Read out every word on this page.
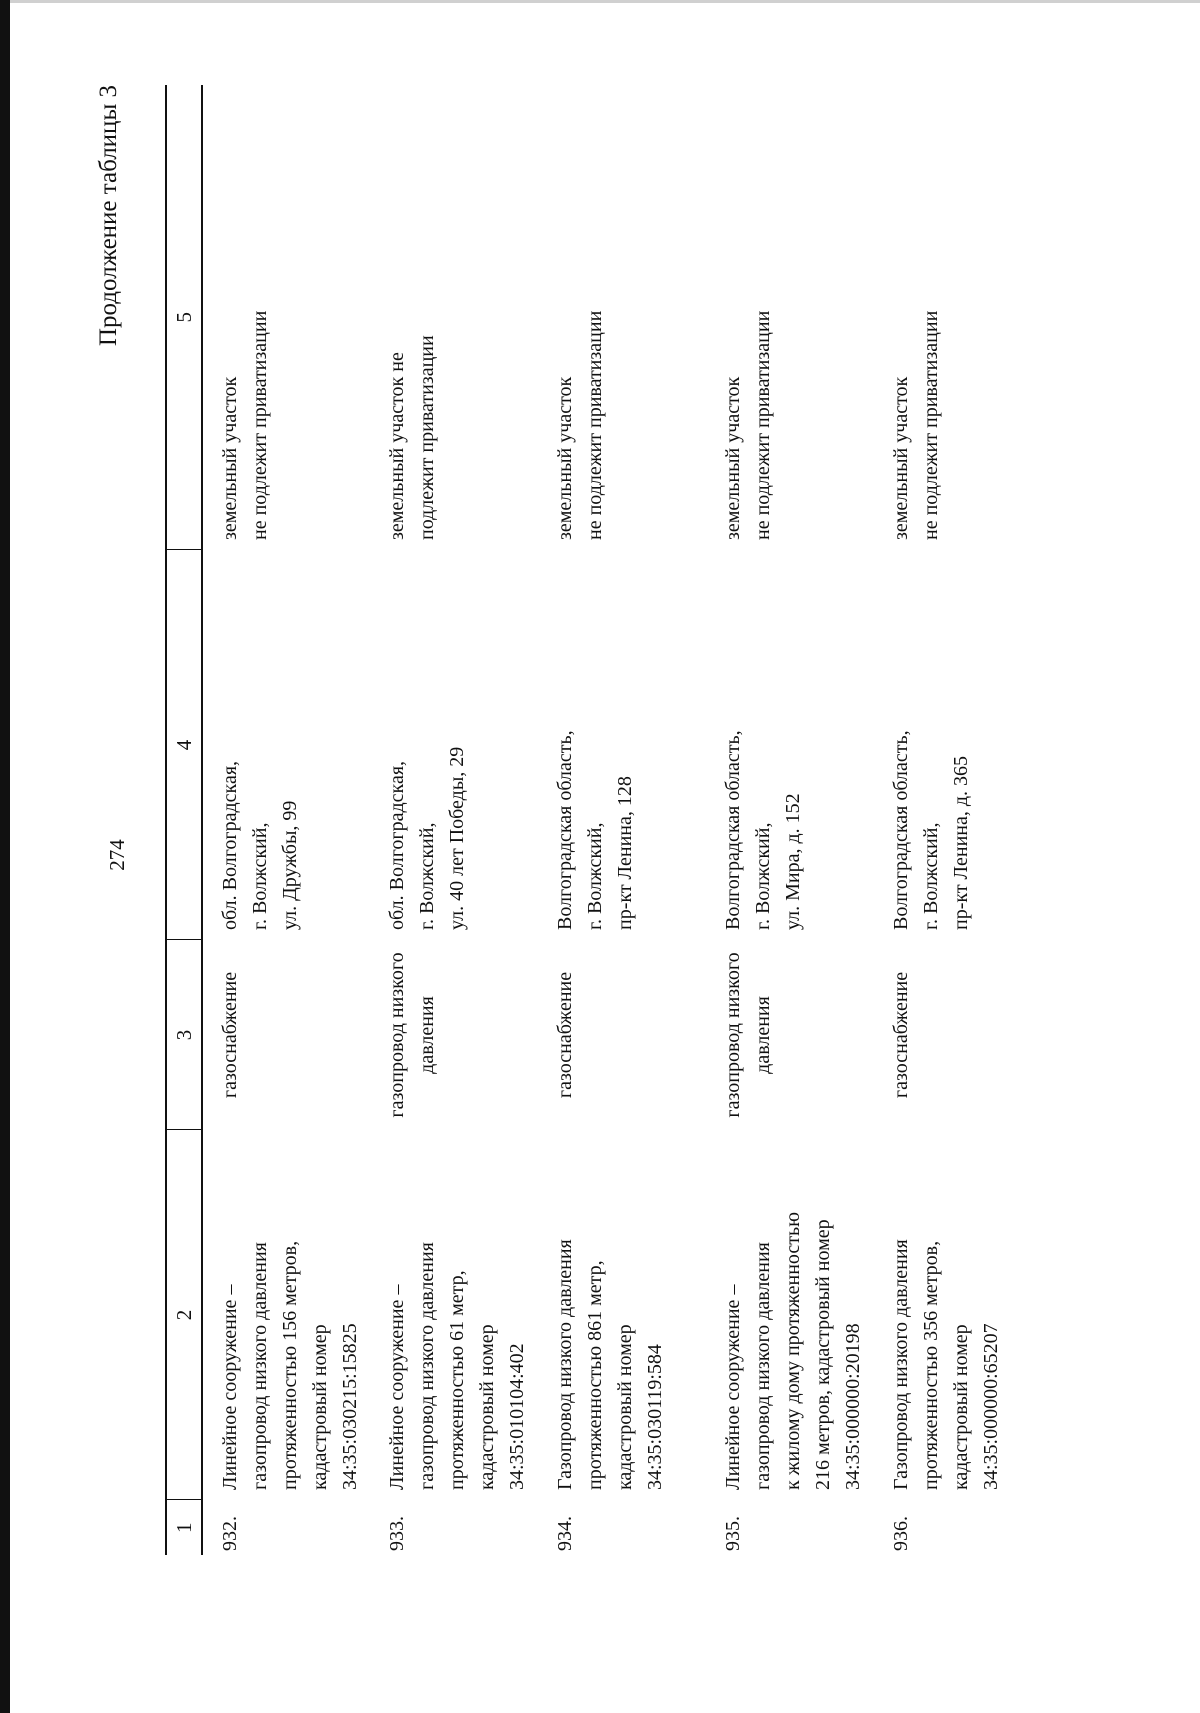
274
Продолжение таблицы 3
1	2	3	4	5
932.	Линейное сооружение – газопровод низкого давления протяженностью 156 метров, кадастровый номер 34:35:030215:15825	газоснабжение	обл. Волгоградская, г. Волжский, ул. Дружбы, 99	земельный участок не подлежит приватизации

933.	Линейное сооружение – газопровод низкого давления протяженностью 61 метр, кадастровый номер 34:35:010104:402	газопровод низкого давления	обл. Волгоградская, г. Волжский, ул. 40 лет Победы, 29	земельный участок не подлежит приватизации

934.	Газопровод низкого давления протяженностью 861 метр, кадастровый номер 34:35:030119:584	газоснабжение	Волгоградская область, г. Волжский, пр-кт Ленина, 128	земельный участок не подлежит приватизации

935.	Линейное сооружение – газопровод низкого давления к жилому дому протяженностью 216 метров, кадастровый номер 34:35:000000:20198	газопровод низкого давления	Волгоградская область, г. Волжский, ул. Мира, д. 152	земельный участок не подлежит приватизации

936.	Газопровод низкого давления протяженностью 356 метров, кадастровый номер 34:35:000000:65207	газоснабжение	Волгоградская область, г. Волжский, пр-кт Ленина, д. 365	земельный участок не подлежит приватизации
